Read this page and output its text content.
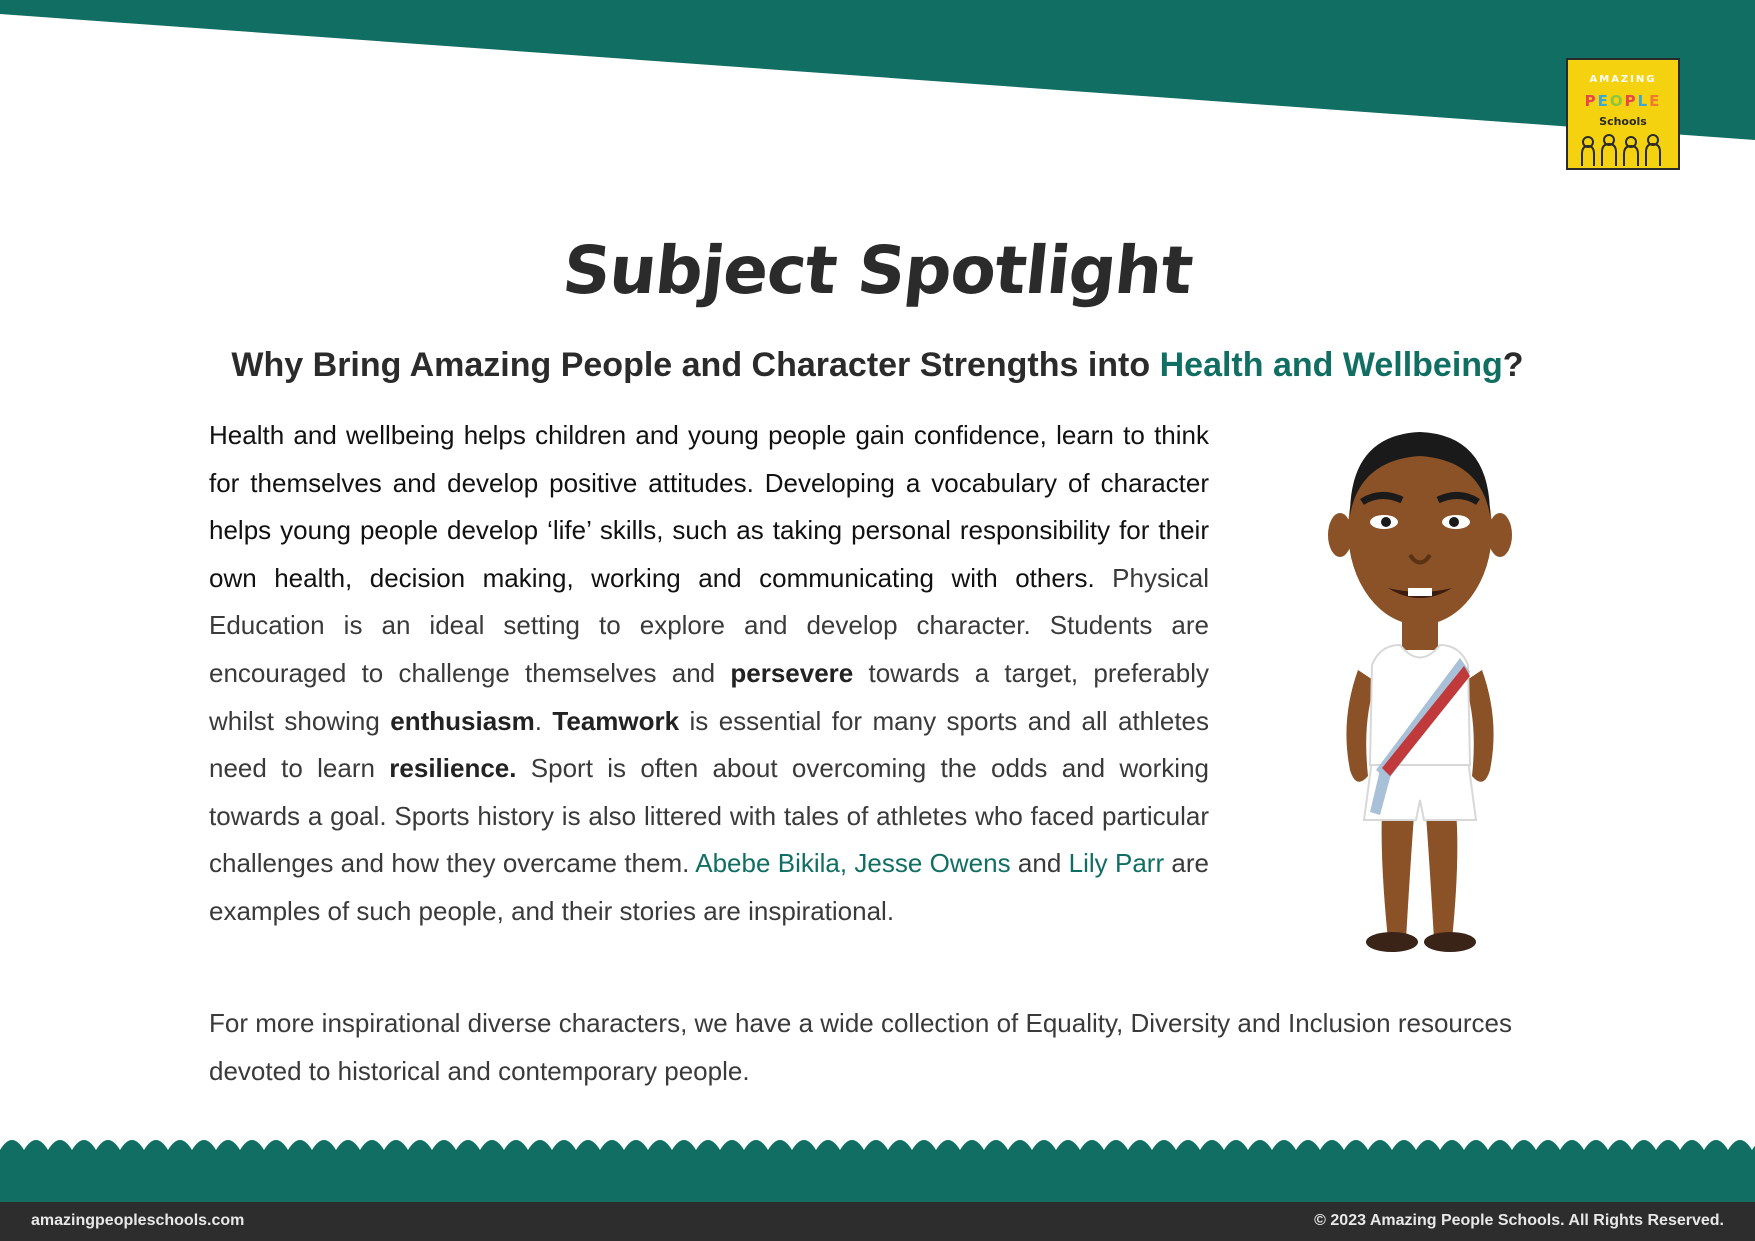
AMAZING
PEOPLE
Schools
Subject Spotlight
Why Bring Amazing People and Character Strengths into Health and Wellbeing?
Health and wellbeing helps children and young people gain confidence, learn to think for themselves and develop positive attitudes. Developing a vocabulary of character helps young people develop ‘life’ skills, such as taking personal responsibility for their own health, decision making, working and communicating with others. Physical Education is an ideal setting to explore and develop character. Students are encouraged to challenge themselves and persevere towards a target, preferably whilst showing enthusiasm. Teamwork is essential for many sports and all athletes need to learn resilience. Sport is often about overcoming the odds and working towards a goal. Sports history is also littered with tales of athletes who faced particular challenges and how they overcame them. Abebe Bikila, Jesse Owens and Lily Parr are examples of such people, and their stories are inspirational.
For more inspirational diverse characters, we have a wide collection of Equality, Diversity and Inclusion resources devoted to historical and contemporary people.
amazingpeopleschools.com	© 2023 Amazing People Schools. All Rights Reserved.
